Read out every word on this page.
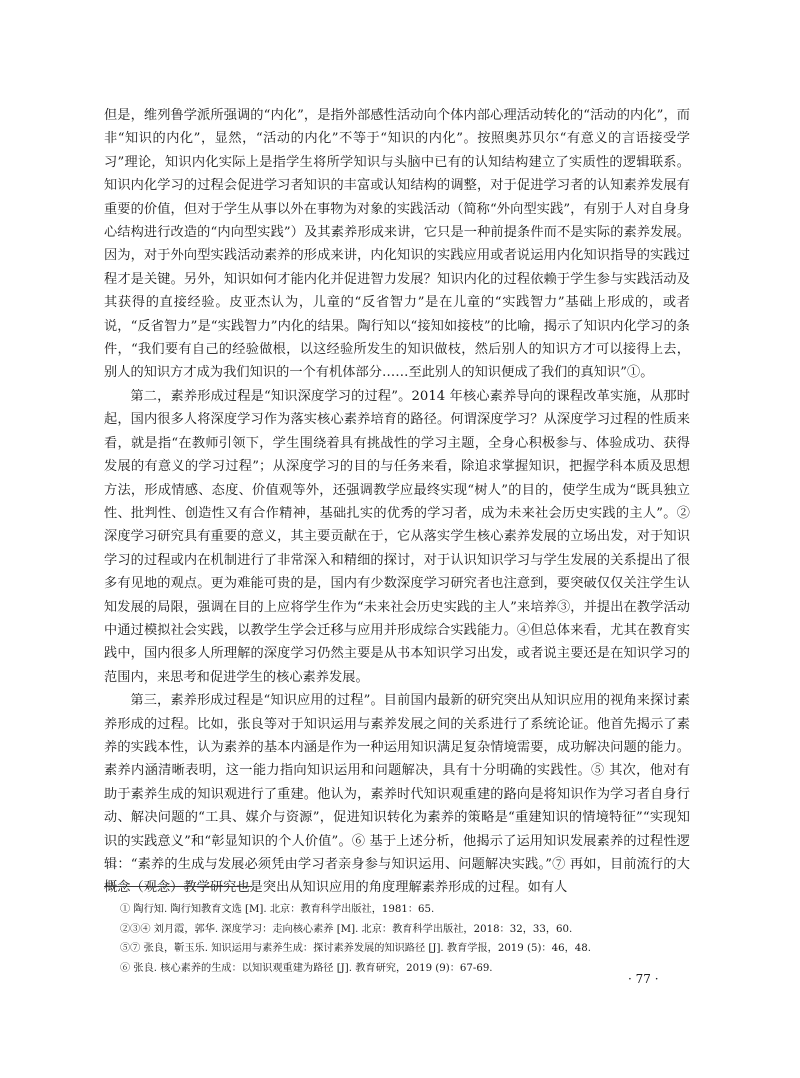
但是，维列鲁学派所强调的“内化”，是指外部感性活动向个体内部心理活动转化的“活动的内化”，而非“知识的内化”，显然，“活动的内化”不等于“知识的内化”。按照奥苏贝尔“有意义的言语接受学习”理论，知识内化实际上是指学生将所学知识与头脑中已有的认知结构建立了实质性的逻辑联系。知识内化学习的过程会促进学习者知识的丰富或认知结构的调整，对于促进学习者的认知素养发展有重要的价值，但对于学生从事以外在事物为对象的实践活动（简称“外向型实践”，有别于人对自身身心结构进行改造的“内向型实践”）及其素养形成来讲，它只是一种前提条件而不是实际的素养发展。因为，对于外向型实践活动素养的形成来讲，内化知识的实践应用或者说运用内化知识指导的实践过程才是关键。另外，知识如何才能内化并促进智力发展？知识内化的过程依赖于学生参与实践活动及其获得的直接经验。皮亚杰认为，儿童的“反省智力”是在儿童的“实践智力”基础上形成的，或者说，“反省智力”是“实践智力”内化的结果。陶行知以“接知如接枝”的比喻，揭示了知识内化学习的条件，“我们要有自己的经验做根，以这经验所发生的知识做枝，然后别人的知识方才可以接得上去，别人的知识方才成为我们知识的一个有机体部分……至此别人的知识便成了我们的真知识”①。

第二，素养形成过程是“知识深度学习的过程”。2014 年核心素养导向的课程改革实施，从那时起，国内很多人将深度学习作为落实核心素养培育的路径。何谓深度学习？从深度学习过程的性质来看，就是指“在教师引领下，学生围绕着具有挑战性的学习主题，全身心积极参与、体验成功、获得发展的有意义的学习过程”；从深度学习的目的与任务来看，除追求掌握知识，把握学科本质及思想方法，形成情感、态度、价值观等外，还强调教学应最终实现“树人”的目的，使学生成为“既具独立性、批判性、创造性又有合作精神，基础扎实的优秀的学习者，成为未来社会历史实践的主人”。② 深度学习研究具有重要的意义，其主要贡献在于，它从落实学生核心素养发展的立场出发，对于知识学习的过程或内在机制进行了非常深入和精细的探讨，对于认识知识学习与学生发展的关系提出了很多有见地的观点。更为难能可贵的是，国内有少数深度学习研究者也注意到，要突破仅仅关注学生认知发展的局限，强调在目的上应将学生作为“未来社会历史实践的主人”来培养③，并提出在教学活动中通过模拟社会实践，以教学生学会迁移与应用并形成综合实践能力。④但总体来看，尤其在教育实践中，国内很多人所理解的深度学习仍然主要是从书本知识学习出发，或者说主要还是在知识学习的范围内，来思考和促进学生的核心素养发展。

第三，素养形成过程是“知识应用的过程”。目前国内最新的研究突出从知识应用的视角来探讨素养形成的过程。比如，张良等对于知识运用与素养发展之间的关系进行了系统论证。他首先揭示了素养的实践本性，认为素养的基本内涵是作为一种运用知识满足复杂情境需要，成功解决问题的能力。素养内涵清晰表明，这一能力指向知识运用和问题解决，具有十分明确的实践性。⑤ 其次，他对有助于素养生成的知识观进行了重建。他认为，素养时代知识观重建的路向是将知识作为学习者自身行动、解决问题的“工具、媒介与资源”，促进知识转化为素养的策略是“重建知识的情境特征”“实现知识的实践意义”和“彰显知识的个人价值”。⑥ 基于上述分析，他揭示了运用知识发展素养的过程性逻辑：“素养的生成与发展必须凭由学习者亲身参与知识运用、问题解决实践。”⑦ 再如，目前流行的大概念（观念）教学研究也是突出从知识应用的角度理解素养形成的过程。如有人

① 陶行知. 陶行知教育文选 [M]. 北京：教育科学出版社，1981：65.

②③④ 刘月霞，郭华. 深度学习：走向核心素养 [M]. 北京：教育科学出版社，2018：32，33，60.

⑤⑦ 张良，靳玉乐. 知识运用与素养生成：探讨素养发展的知识路径 [J]. 教育学报，2019 (5)：46，48.

⑥ 张良. 核心素养的生成：以知识观重建为路径 [J]. 教育研究，2019 (9)：67-69.

· 77 ·
